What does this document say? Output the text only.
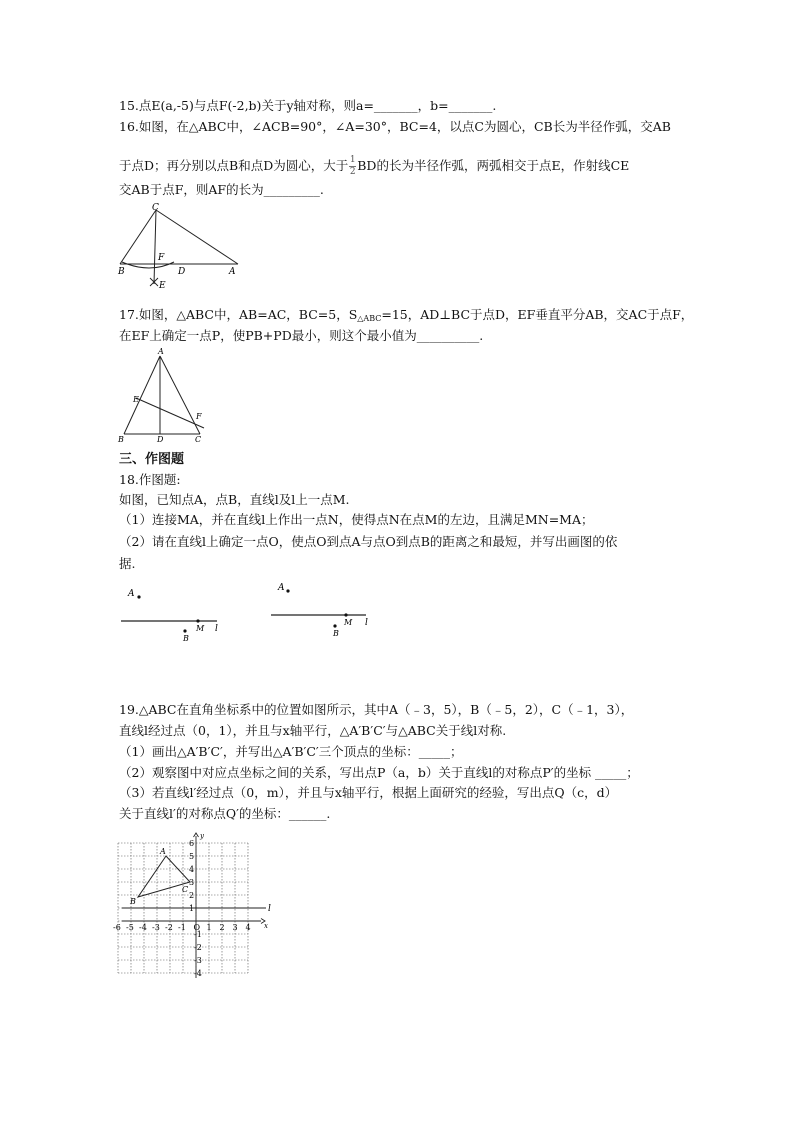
15.点E(a,-5)与点F(-2,b)关于y轴对称，则a=_______，b=_______.
16.如图，在△ABC中，∠ACB=90°，∠A=30°，BC=4，以点C为圆心，CB长为半径作弧，交AB
于点D；再分别以点B和点D为圆心，大于 $\frac{1}{2}$ BD的长为半径作弧，两弧相交于点E，作射线CE
交AB于点F，则AF的长为_________.
C
B
F
D	A
E
17.如图，△ABC中，AB=AC，BC=5，$S_{\triangle ABC}=15$，AD⊥BC于点D，EF垂直平分AB，交AC于点F，
在EF上确定一点P，使PB+PD最小，则这个最小值为__________.
A
E
F
B	D	C
三、作图题
18.作图题:
如图，已知点A，点B，直线l及l上一点M.
（1）连接MA，并在直线l上作出一点N，使得点N在点M的左边，且满足MN=MA；
（2）请在直线l上确定一点O，使点O到点A与点O到点B的距离之和最短，并写出画图的依
据.
A
M l
B
A
M l
B
19.△ABC在直角坐标系中的位置如图所示，其中A（﹣3，5），B（﹣5，2），C（﹣1，3），
直线l经过点（0，1），并且与x轴平行，△A′B′C′与△ABC关于线l对称.
（1）画出△A′B′C′，并写出△A′B′C′三个顶点的坐标：_____；
（2）观察图中对应点坐标之间的关系，写出点P（a，b）关于直线l的对称点P′的坐标 _____；
（3）若直线l′经过点（0，m），并且与x轴平行，根据上面研究的经验，写出点Q（c，d）
关于直线l′的对称点Q′的坐标：______.
-6 -5 -4 -3 -2 -1 O 1 2 3 4
1
2
3
4
5
6
-1
-2
-3
-4
l
x
y
A
B
C
